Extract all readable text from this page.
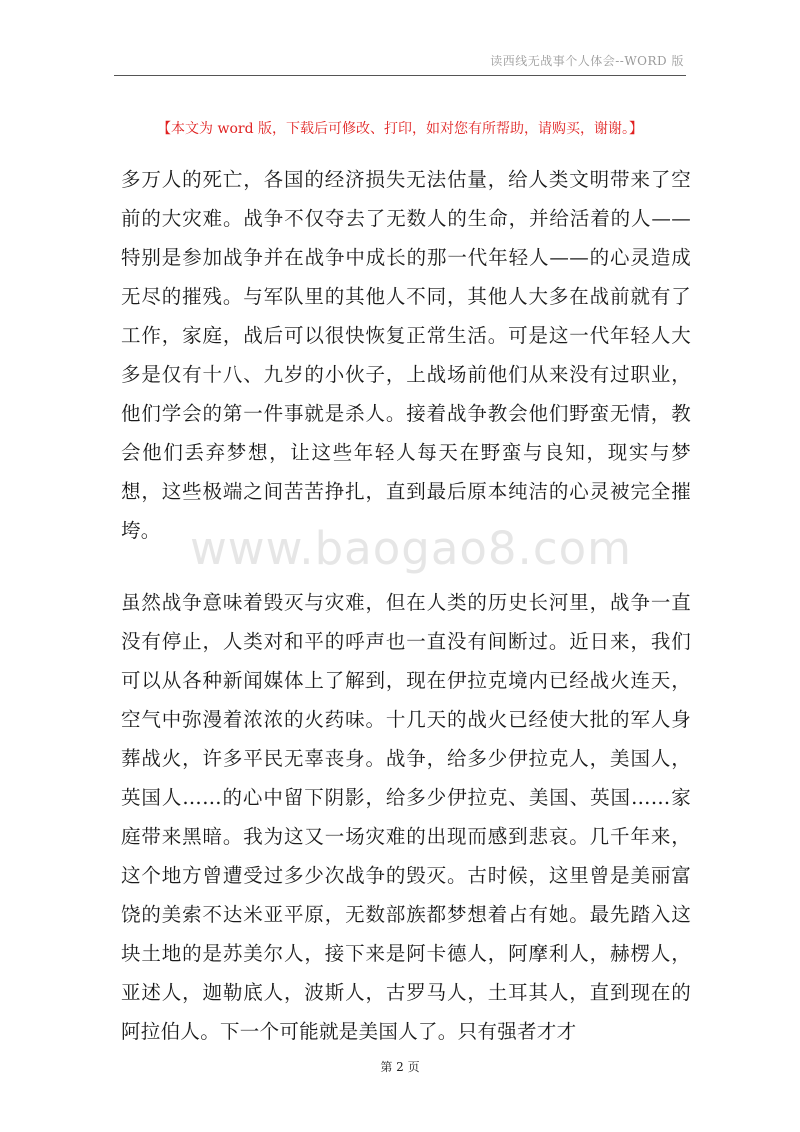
读西线无战事个人体会--WORD 版
【本文为 word 版，下载后可修改、打印，如对您有所帮助，请购买，谢谢。】

多万人的死亡，各国的经济损失无法估量，给人类文明带来了空前的大灾难。战争不仅夺去了无数人的生命，并给活着的人——特别是参加战争并在战争中成长的那一代年轻人——的心灵造成无尽的摧残。与军队里的其他人不同，其他人大多在战前就有了工作，家庭，战后可以很快恢复正常生活。可是这一代年轻人大多是仅有十八、九岁的小伙子，上战场前他们从来没有过职业，他们学会的第一件事就是杀人。接着战争教会他们野蛮无情，教会他们丢弃梦想，让这些年轻人每天在野蛮与良知，现实与梦想，这些极端之间苦苦挣扎，直到最后原本纯洁的心灵被完全摧垮。 www.baogao8.com

虽然战争意味着毁灭与灾难，但在人类的历史长河里，战争一直没有停止，人类对和平的呼声也一直没有间断过。近日来，我们可以从各种新闻媒体上了解到，现在伊拉克境内已经战火连天，空气中弥漫着浓浓的火药味。十几天的战火已经使大批的军人身葬战火，许多平民无辜丧身。战争，给多少伊拉克人，美国人，英国人……的心中留下阴影，给多少伊拉克、美国、英国……家庭带来黑暗。我为这又一场灾难的出现而感到悲哀。几千年来，这个地方曾遭受过多少次战争的毁灭。古时候，这里曾是美丽富饶的美索不达米亚平原，无数部族都梦想着占有她。最先踏入这块土地的是苏美尔人，接下来是阿卡德人，阿摩利人，赫楞人，亚述人，迦勒底人，波斯人，古罗马人，土耳其人，直到现在的阿拉伯人。下一个可能就是美国人了。只有强者才才

第 2 页
